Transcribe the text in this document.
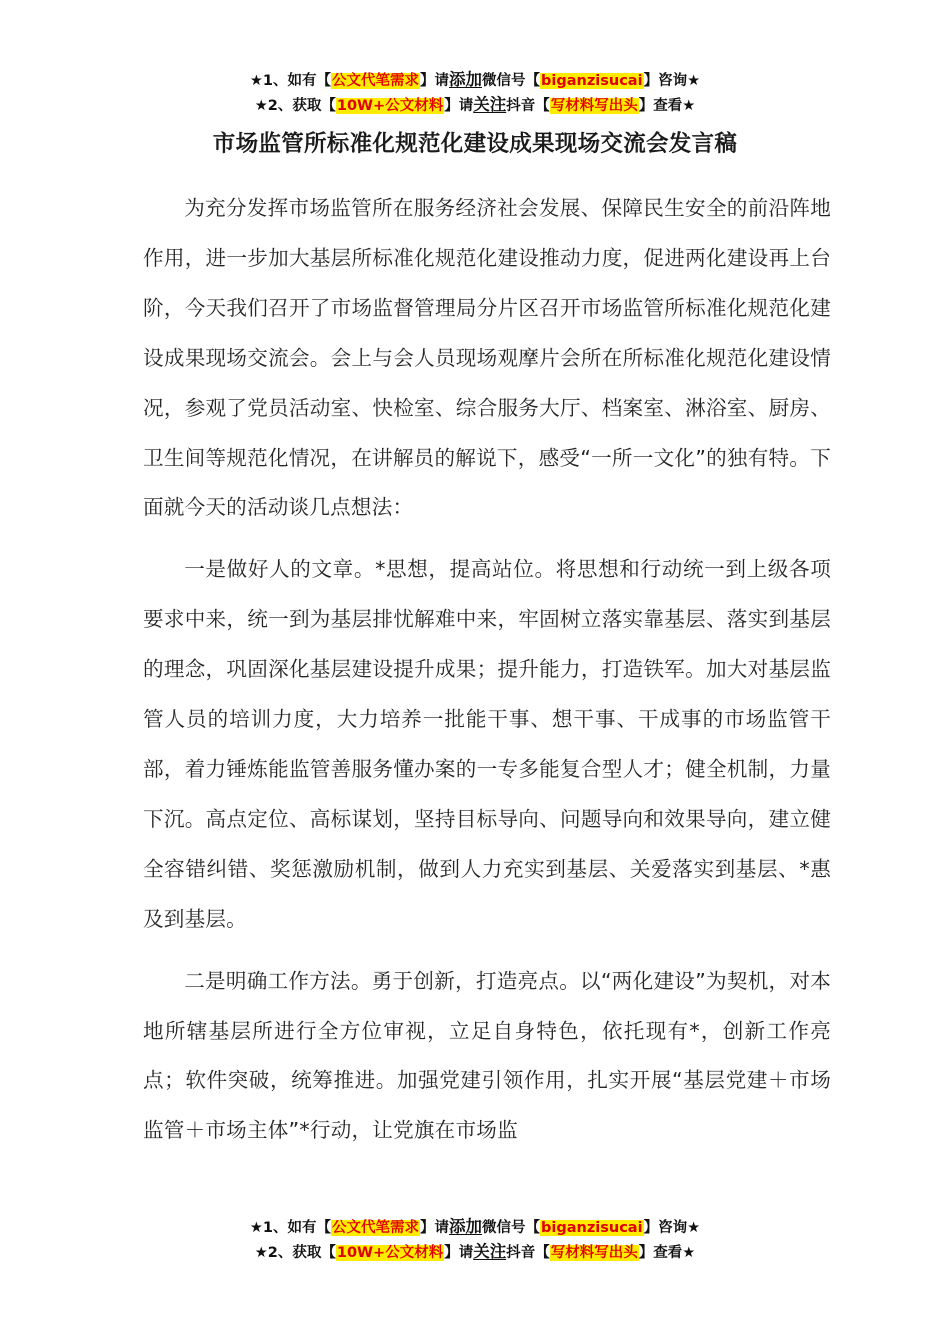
★1、如有【公文代笔需求】请添加微信号【biganzisucai】咨询★
★2、获取【10W+公文材料】请关注抖音【写材料写出头】查看★
市场监管所标准化规范化建设成果现场交流会发言稿

为充分发挥市场监管所在服务经济社会发展、保障民生安全的前沿阵地作用，进一步加大基层所标准化规范化建设推动力度，促进两化建设再上台阶，今天我们召开了市场监督管理局分片区召开市场监管所标准化规范化建设成果现场交流会。会上与会人员现场观摩片会所在所标准化规范化建设情况，参观了党员活动室、快检室、综合服务大厅、档案室、淋浴室、厨房、卫生间等规范化情况，在讲解员的解说下，感受“一所一文化”的独有特。下面就今天的活动谈几点想法：

一是做好人的文章。*思想，提高站位。将思想和行动统一到上级各项要求中来，统一到为基层排忧解难中来，牢固树立落实靠基层、落实到基层的理念，巩固深化基层建设提升成果；提升能力，打造铁军。加大对基层监管人员的培训力度，大力培养一批能干事、想干事、干成事的市场监管干部，着力锤炼能监管善服务懂办案的一专多能复合型人才；健全机制，力量下沉。高点定位、高标谋划，坚持目标导向、问题导向和效果导向，建立健全容错纠错、奖惩激励机制，做到人力充实到基层、关爱落实到基层、*惠及到基层。

二是明确工作方法。勇于创新，打造亮点。以“两化建设”为契机，对本地所辖基层所进行全方位审视，立足自身特色，依托现有*，创新工作亮点；软件突破，统筹推进。加强党建引领作用，扎实开展“基层党建＋市场监管＋市场主体”*行动，让党旗在市场监

★1、如有【公文代笔需求】请添加微信号【biganzisucai】咨询★
★2、获取【10W+公文材料】请关注抖音【写材料写出头】查看★
